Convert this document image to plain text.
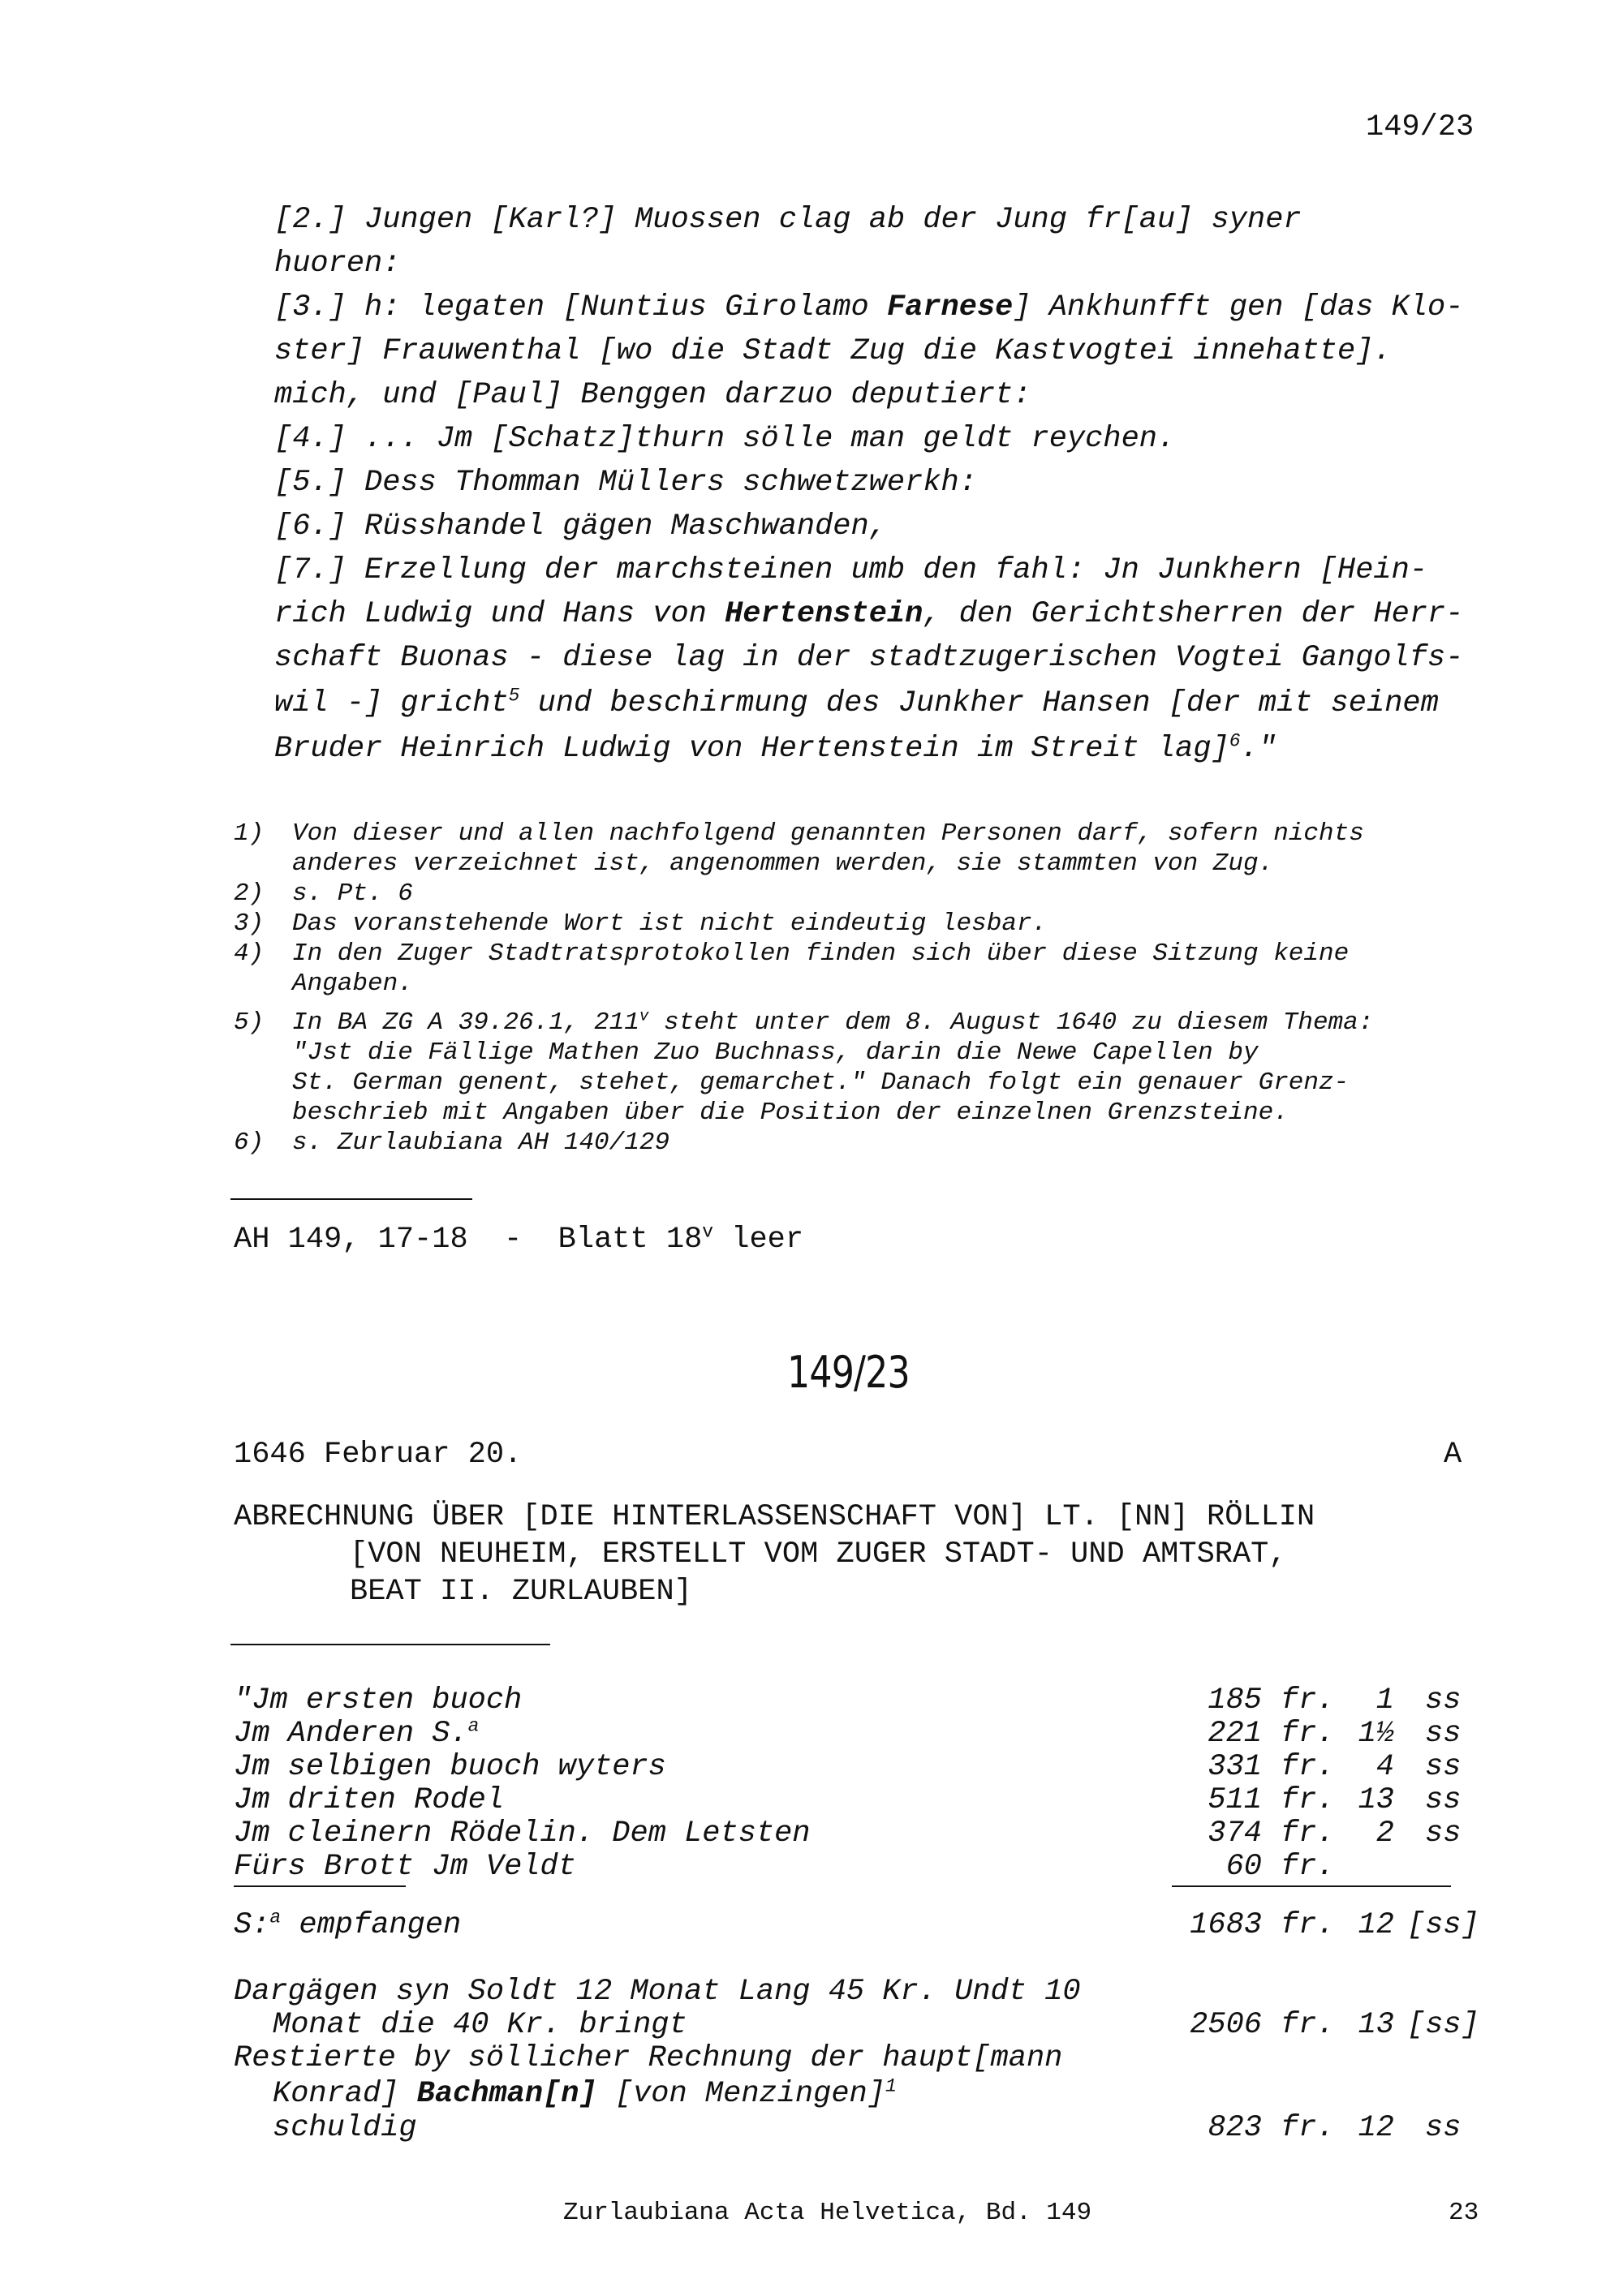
149/23
[2.] Jungen [Karl?] Muossen clag ab der Jung fr[au] syner
huoren:
[3.] h: legaten [Nuntius Girolamo Farnese] Ankhunfft gen [das Klo-
ster] Frauwenthal [wo die Stadt Zug die Kastvogtei innehatte].
mich, und [Paul] Benggen darzuo deputiert:
[4.] ... Jm [Schatz]thurn sölle man geldt reychen.
[5.] Dess Thomman Müllers schwetzwerkh:
[6.] Rüsshandel gägen Maschwanden,
[7.] Erzellung der marchsteinen umb den fahl: Jn Junkhern [Hein-
rich Ludwig und Hans von Hertenstein, den Gerichtsherren der Herr-
schaft Buonas - diese lag in der stadtzugerischen Vogtei Gangolfs-
wil -] gricht$^5$ und beschirmung des Junkher Hansen [der mit seinem
Bruder Heinrich Ludwig von Hertenstein im Streit lag]$^6$."
1) Von dieser und allen nachfolgend genannten Personen darf, sofern nichts
anderes verzeichnet ist, angenommen werden, sie stammten von Zug.
2) s. Pt. 6
3) Das voranstehende Wort ist nicht eindeutig lesbar.
4) In den Zuger Stadtratsprotokollen finden sich über diese Sitzung keine
Angaben.
5) In BA ZG A 39.26.1, 211$^v$ steht unter dem 8. August 1640 zu diesem Thema:
"Jst die Fällige Mathen Zuo Buchnass, darin die Newe Capellen by
St. German genent, stehet, gemarchet." Danach folgt ein genauer Grenz-
beschrieb mit Angaben über die Position der einzelnen Grenzsteine.
6) s. Zurlaubiana AH 140/129
AH 149, 17-18  -  Blatt 18$^v$ leer
149/23
1646 Februar 20.	A
ABRECHNUNG ÜBER [DIE HINTERLASSENSCHAFT VON] LT. [NN] RÖLLIN
[VON NEUHEIM, ERSTELLT VOM ZUGER STADT- UND AMTSRAT,
BEAT II. ZURLAUBEN]
"Jm ersten buoch	185 fr.	1 ss
Jm Anderen S.$^a$	221 fr. 1½ ss
Jm selbigen buoch wyters	331 fr.	4 ss
Jm driten Rodel	511 fr. 13 ss
Jm cleinern Rödelin. Dem Letsten	374 fr.	2 ss
Fürs Brott Jm Veldt	60 fr.
S:$^a$ empfangen	1683 fr. 12 [ss]
Dargägen syn Soldt 12 Monat Lang 45 Kr. Undt 10
Monat die 40 Kr. bringt	2506 fr. 13 [ss]
Restierte by söllicher Rechnung der haupt[mann
Konrad] Bachman[n] [von Menzingen]$^1$
schuldig	823 fr. 12 ss
Zurlaubiana Acta Helvetica, Bd. 149	23
